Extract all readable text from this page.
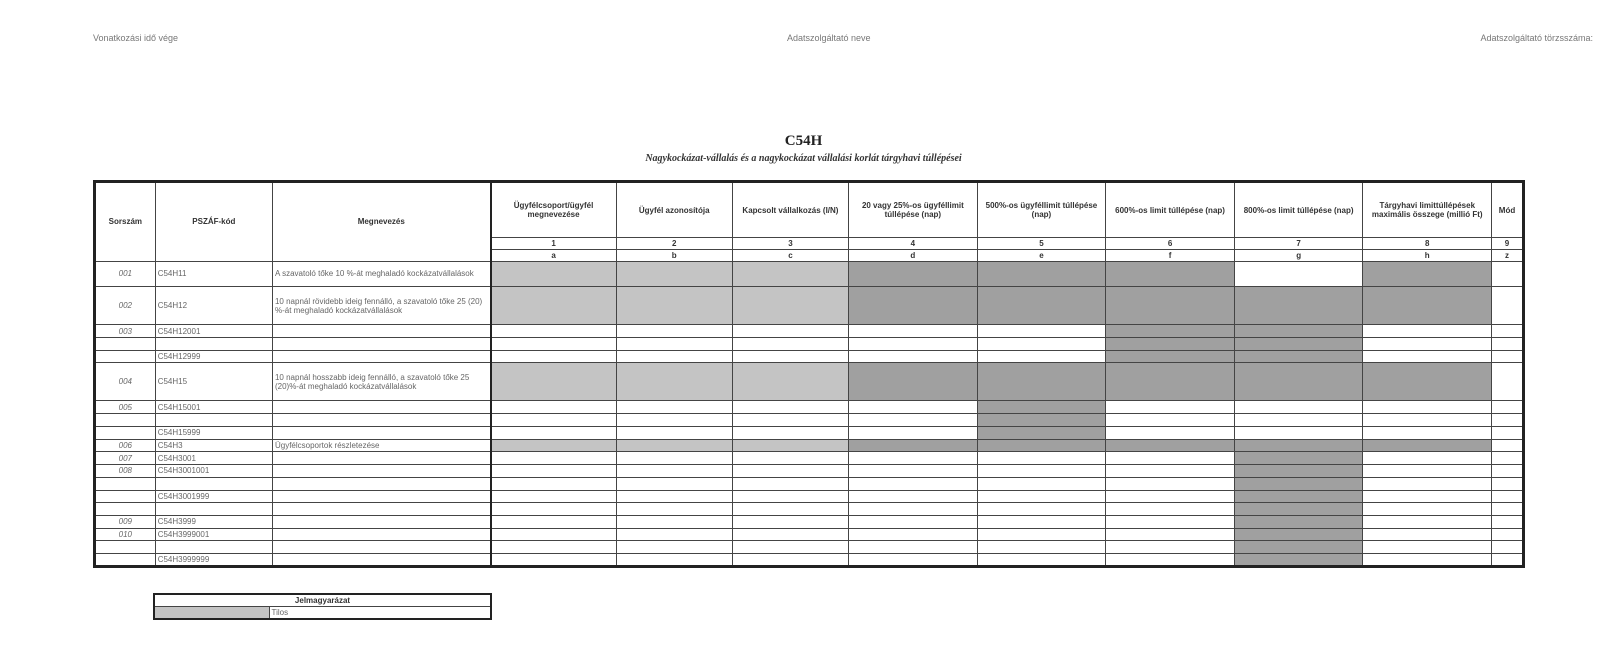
Vonatkozási idő vége	Adatszolgáltató neve	Adatszolgáltató törzsszáma:
C54H
Nagykockázat-vállalás és a nagykockázat vállalási korlát tárgyhavi túllépései
Sorszám	PSZÁF-kód	Megnevezés	Ügyfélcsoport/ügyfél megnevezése	Ügyfél azonosítója	Kapcsolt vállalkozás (I/N)	20 vagy 25%-os ügyféllimit túllépése (nap)	500%-os ügyféllimit túllépése (nap)	600%-os limit túllépése (nap)	800%-os limit túllépése (nap)	Tárgyhavi limittúllépések maximális összege (millió Ft)	Mód
			1	2	3	4	5	6	7	8	9
			a	b	c	d	e	f	g	h	z
001	C54H11	A szavatoló tőke 10 %-át meghaladó kockázatvállalások									
002	C54H12	10 napnál rövidebb ideig fennálló, a szavatoló tőke 25 (20) %-át meghaladó kockázatvállalások									
003	C54H12001										

	C54H12999										
004	C54H15	10 napnál hosszabb ideig fennálló, a szavatoló tőke 25 (20)%-át meghaladó kockázatvállalások									
005	C54H15001										

	C54H15999										
006	C54H3	Ügyfélcsoportok részletezése									
007	C54H3001										
008	C54H3001001										

	C54H3001999										

009	C54H3999										
010	C54H3999001										

	C54H3999999										
Jelmagyarázat
	Tilos
